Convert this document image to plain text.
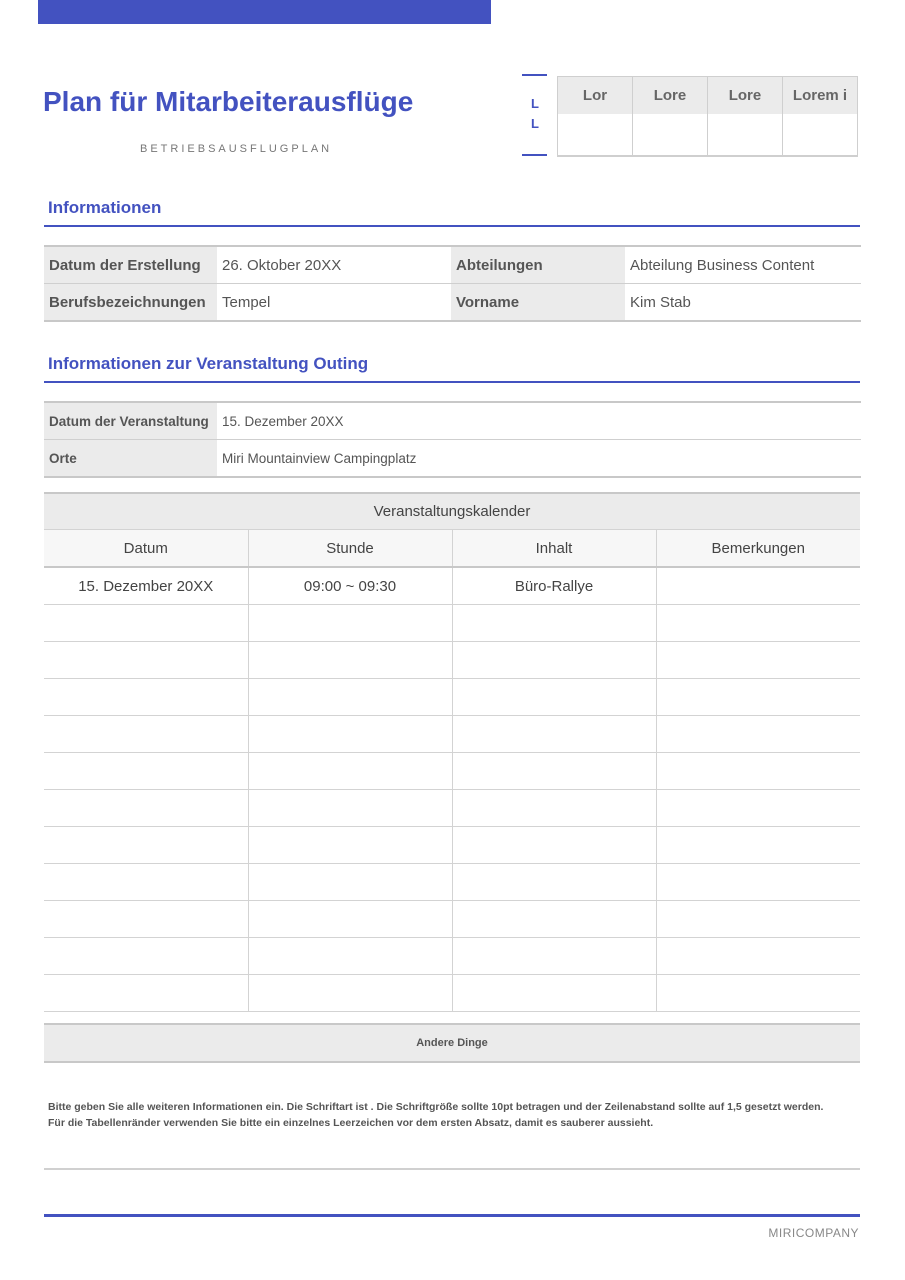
Plan für Mitarbeiterausflüge
BETRIEBSAUSFLUGPLAN
L
L
Lor	Lore	Lore	Lorem i

Informationen
Datum der Erstellung	26. Oktober 20XX	Abteilungen	Abteilung Business Content
Berufsbezeichnungen	Tempel	Vorname	Kim Stab
Informationen zur Veranstaltung Outing
Datum der Veranstaltung	15. Dezember 20XX
Orte	Miri Mountainview Campingplatz
Veranstaltungskalender			
Datum	Stunde	Inhalt	Bemerkungen
15. Dezember 20XX	09:00 ~ 09:30	Büro-Rallye	

Andere Dinge

Bitte geben Sie alle weiteren Informationen ein. Die Schriftart ist . Die Schriftgröße sollte 10pt betragen und der Zeilenabstand sollte auf 1,5 gesetzt werden.

Für die Tabellenränder verwenden Sie bitte ein einzelnes Leerzeichen vor dem ersten Absatz, damit es sauberer aussieht.

MIRICOMPANY
